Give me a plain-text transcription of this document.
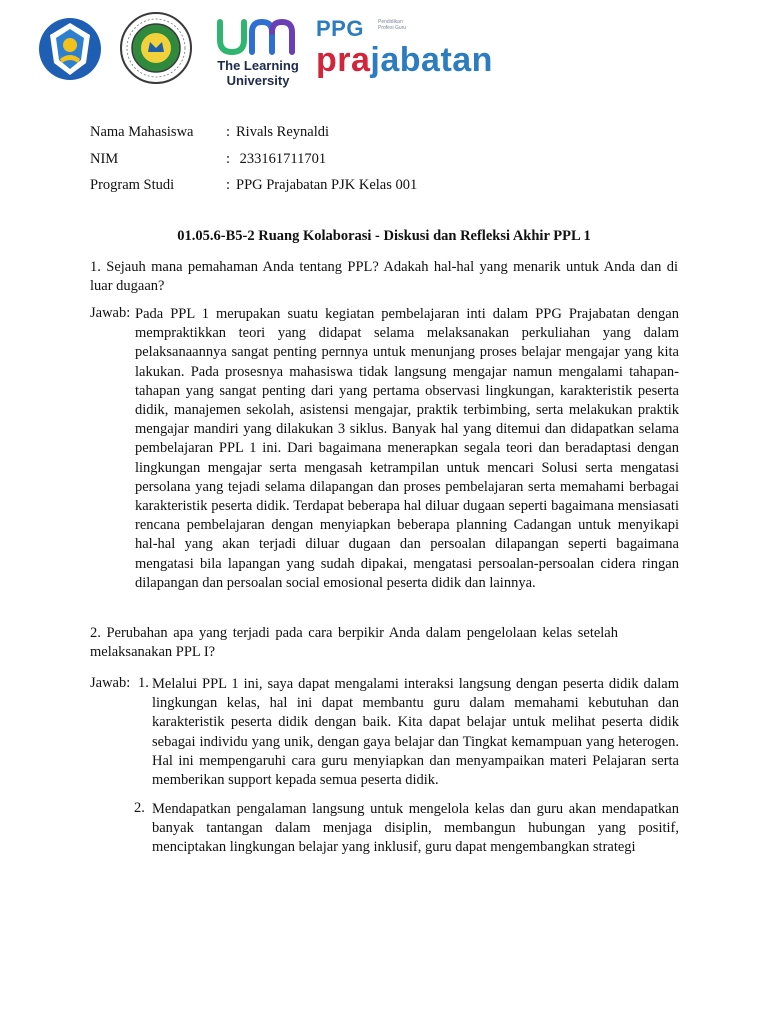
The Learning
University
PPG	Pendidikan Profesi Guru
prajabatan
Nama Mahasiswa : Rivals Reynaldi
NIM	: 233161711701
Program Studi	: PPG Prajabatan PJK Kelas 001
01.05.6-B5-2 Ruang Kolaborasi - Diskusi dan Refleksi Akhir PPL 1
1. Sejauh mana pemahaman Anda tentang PPL? Adakah hal-hal yang menarik untuk Anda dan di luar dugaan?
Jawab: Pada PPL 1 merupakan suatu kegiatan pembelajaran inti dalam PPG Prajabatan dengan mempraktikkan teori yang didapat selama melaksanakan perkuliahan yang dalam pelaksanaannya sangat penting pernnya untuk menunjang proses belajar mengajar yang kita lakukan. Pada prosesnya mahasiswa tidak langsung mengajar namun mengalami tahapan-tahapan yang sangat penting dari yang pertama observasi lingkungan, karakteristik peserta didik, manajemen sekolah, asistensi mengajar, praktik terbimbing, serta melakukan praktik mengajar mandiri yang dilakukan 3 siklus. Banyak hal yang ditemui dan didapatkan selama pembelajaran PPL 1 ini. Dari bagaimana menerapkan segala teori dan beradaptasi dengan lingkungan mengajar serta mengasah ketrampilan untuk mencari Solusi serta mengatasi persolana yang tejadi selama dilapangan dan proses pembelajaran serta memahami berbagai karakteristik peserta didik. Terdapat beberapa hal diluar dugaan seperti bagaimana mensiasati rencana pembelajaran dengan menyiapkan beberapa planning Cadangan untuk menyikapi hal-hal yang akan terjadi diluar dugaan dan persoalan dilapangan seperti bagaimana mengatasi bila lapangan yang sudah dipakai, mengatasi persoalan-persoalan cidera ringan dilapangan dan persoalan social emosional peserta didik dan lainnya.
2. Perubahan apa yang terjadi pada cara berpikir Anda dalam pengelolaan kelas setelah melaksanakan PPL I?
Jawab: 1. Melalui PPL 1 ini, saya dapat mengalami interaksi langsung dengan peserta didik dalam lingkungan kelas, hal ini dapat membantu guru dalam memahami kebutuhan dan karakteristik peserta didik dengan baik. Kita dapat belajar untuk melihat peserta didik sebagai individu yang unik, dengan gaya belajar dan Tingkat kemampuan yang heterogen. Hal ini mempengaruhi cara guru menyiapkan dan menyampaikan materi Pelajaran serta memberikan support kepada semua peserta didik.
2. Mendapatkan pengalaman langsung untuk mengelola kelas dan guru akan mendapatkan banyak tantangan dalam menjaga disiplin, membangun hubungan yang positif, menciptakan lingkungan belajar yang inklusif, guru dapat mengembangkan strategi
